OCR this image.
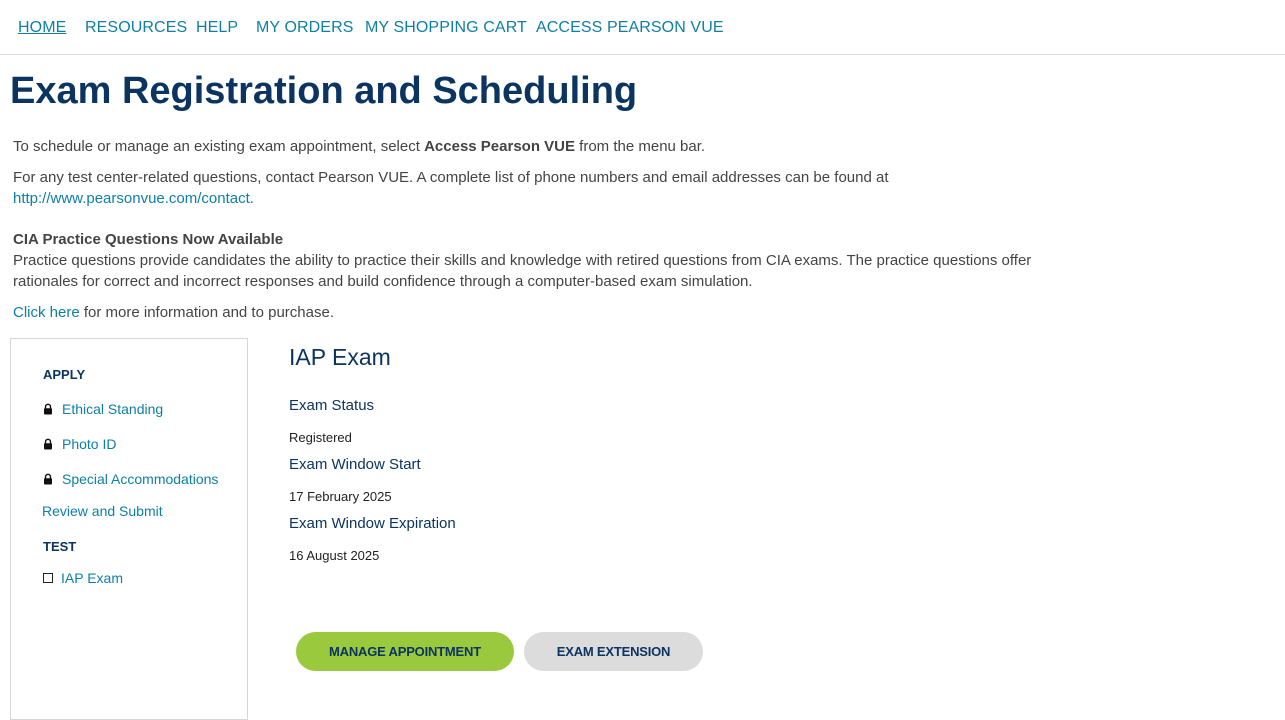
HOME RESOURCES HELP MY ORDERS MY SHOPPING CART ACCESS PEARSON VUE
Exam Registration and Scheduling
To schedule or manage an existing exam appointment, select Access Pearson VUE from the menu bar.
For any test center-related questions, contact Pearson VUE. A complete list of phone numbers and email addresses can be found at
http://www.pearsonvue.com/contact.
CIA Practice Questions Now Available
Practice questions provide candidates the ability to practice their skills and knowledge with retired questions from CIA exams. The practice questions offer
rationales for correct and incorrect responses and build confidence through a computer-based exam simulation.
Click here for more information and to purchase.
APPLY
Ethical Standing
Photo ID
Special Accommodations
Review and Submit
TEST
IAP Exam
IAP Exam
Exam Status
Registered
Exam Window Start
17 February 2025
Exam Window Expiration
16 August 2025
MANAGE APPOINTMENT	EXAM EXTENSION
